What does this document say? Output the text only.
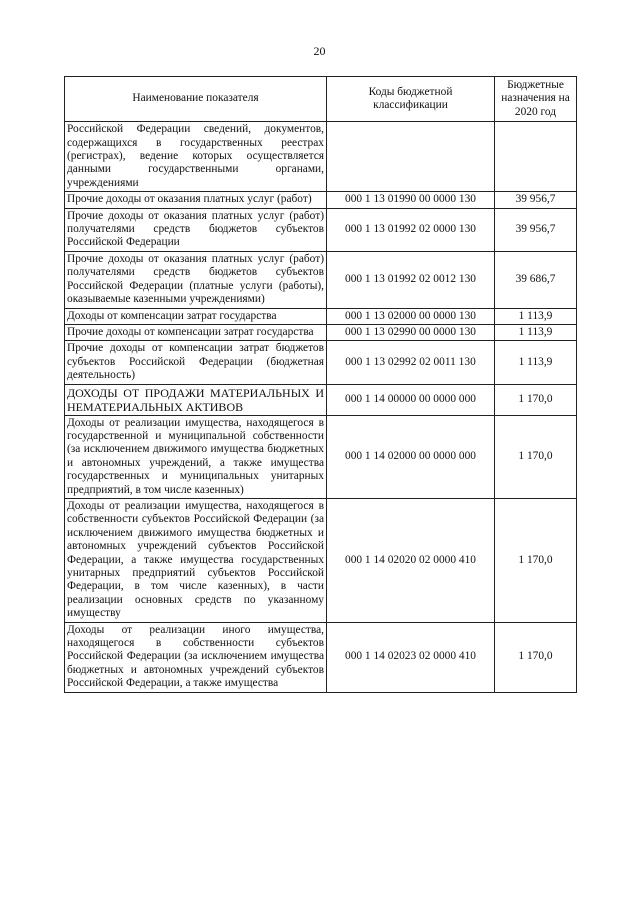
20
Наименование показателя	Коды бюджетной классификации	Бюджетные назначения на 2020 год
Российской Федерации сведений, документов, содержащихся в государственных реестрах (регистрах), ведение которых осуществляется данными государственными органами, учреждениями		
Прочие доходы от оказания платных услуг (работ)	000 1 13 01990 00 0000 130	39 956,7
Прочие доходы от оказания платных услуг (работ) получателями средств бюджетов субъектов Российской Федерации	000 1 13 01992 02 0000 130	39 956,7
Прочие доходы от оказания платных услуг (работ) получателями средств бюджетов субъектов Российской Федерации (платные услуги (работы), оказываемые казенными учреждениями)	000 1 13 01992 02 0012 130	39 686,7
Доходы от компенсации затрат государства	000 1 13 02000 00 0000 130	1 113,9
Прочие доходы от компенсации затрат государства	000 1 13 02990 00 0000 130	1 113,9
Прочие доходы от компенсации затрат бюджетов субъектов Российской Федерации (бюджетная деятельность)	000 1 13 02992 02 0011 130	1 113,9
ДОХОДЫ ОТ ПРОДАЖИ МАТЕРИАЛЬНЫХ И НЕМАТЕРИАЛЬНЫХ АКТИВОВ	000 1 14 00000 00 0000 000	1 170,0
Доходы от реализации имущества, находящегося в государственной и муниципальной собственности (за исключением движимого имущества бюджетных и автономных учреждений, а также имущества государственных и муниципальных унитарных предприятий, в том числе казенных)	000 1 14 02000 00 0000 000	1 170,0
Доходы от реализации имущества, находящегося в собственности субъектов Российской Федерации (за исключением движимого имущества бюджетных и автономных учреждений субъектов Российской Федерации, а также имущества государственных унитарных предприятий субъектов Российской Федерации, в том числе казенных), в части реализации основных средств по указанному имуществу	000 1 14 02020 02 0000 410	1 170,0
Доходы от реализации иного имущества, находящегося в собственности субъектов Российской Федерации (за исключением имущества бюджетных и автономных учреждений субъектов Российской Федерации, а также имущества	000 1 14 02023 02 0000 410	1 170,0
